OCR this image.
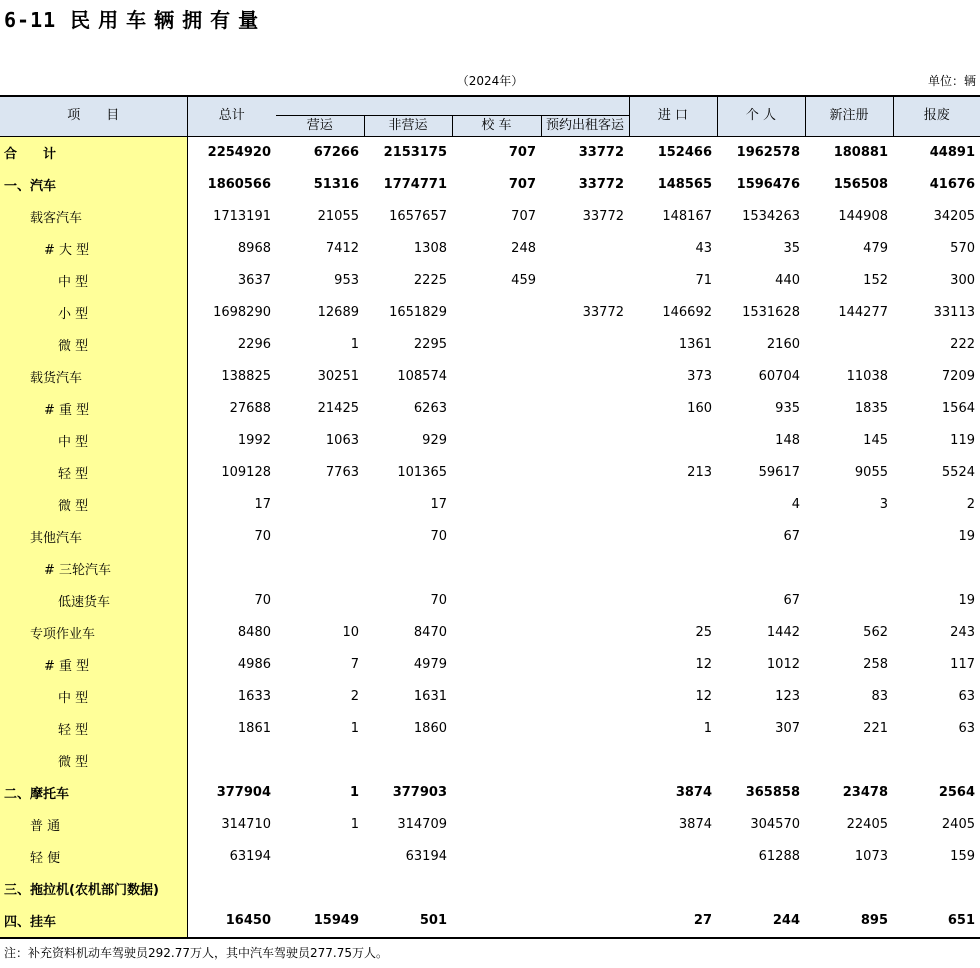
6-11 民用车辆拥有量
（2024年）	单位：辆
项　　目	总计					进 口	个 人	新注册	报废
		营运	非营运	校 车	预约出租客运				
合　　计	2254920	67266	2153175	707	33772	152466	1962578	180881	44891
一、汽车	1860566	51316	1774771	707	33772	148565	1596476	156508	41676
载客汽车	1713191	21055	1657657	707	33772	148167	1534263	144908	34205
# 大 型	8968	7412	1308	248		43	35	479	570
中 型	3637	953	2225	459		71	440	152	300
小 型	1698290	12689	1651829		33772	146692	1531628	144277	33113
微 型	2296	1	2295			1361	2160		222
载货汽车	138825	30251	108574			373	60704	11038	7209
# 重 型	27688	21425	6263			160	935	1835	1564
中 型	1992	1063	929				148	145	119
轻 型	109128	7763	101365			213	59617	9055	5524
微 型	17		17				4	3	2
其他汽车	70		70				67		19
# 三轮汽车									
低速货车	70		70				67		19
专项作业车	8480	10	8470			25	1442	562	243
# 重 型	4986	7	4979			12	1012	258	117
中 型	1633	2	1631			12	123	83	63
轻 型	1861	1	1860			1	307	221	63
微 型									
二、摩托车	377904	1	377903			3874	365858	23478	2564
普 通	314710	1	314709			3874	304570	22405	2405
轻 便	63194		63194				61288	1073	159
三、拖拉机(农机部门数据)									
四、挂车	16450	15949	501			27	244	895	651
注：补充资料机动车驾驶员292.77万人，其中汽车驾驶员277.75万人。
